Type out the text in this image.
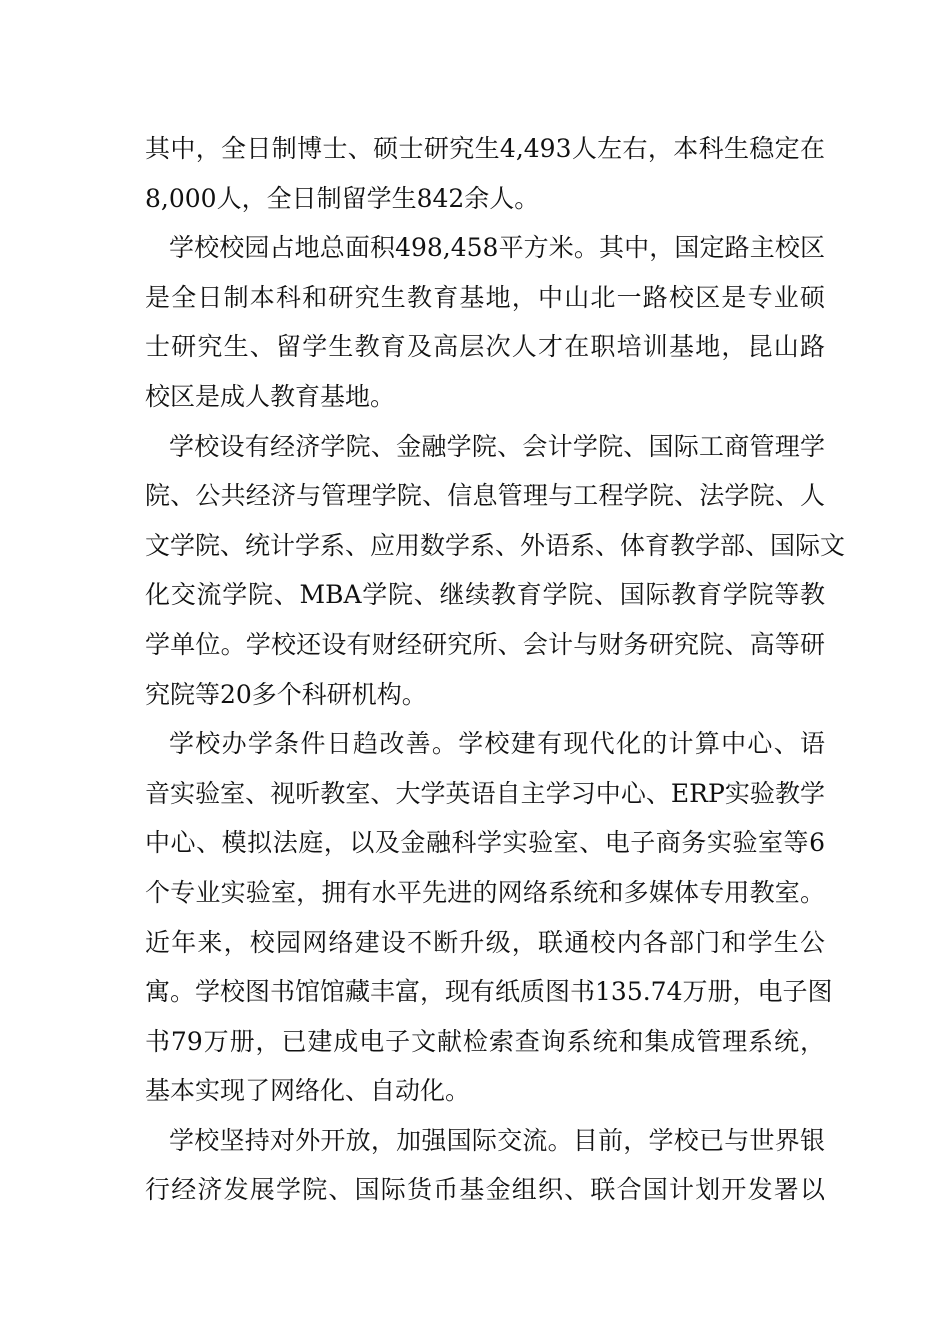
其中，全日制博士、硕士研究生4,493人左右，本科生稳定在
8,000人，全日制留学生842余人。
学校校园占地总面积498,458平方米。其中，国定路主校区
是全日制本科和研究生教育基地，中山北一路校区是专业硕
士研究生、留学生教育及高层次人才在职培训基地，昆山路
校区是成人教育基地。
学校设有经济学院、金融学院、会计学院、国际工商管理学
院、公共经济与管理学院、信息管理与工程学院、法学院、人
文学院、统计学系、应用数学系、外语系、体育教学部、国际文
化交流学院、MBA学院、继续教育学院、国际教育学院等教
学单位。学校还设有财经研究所、会计与财务研究院、高等研
究院等20多个科研机构。
学校办学条件日趋改善。学校建有现代化的计算中心、语
音实验室、视听教室、大学英语自主学习中心、ERP实验教学
中心、模拟法庭，以及金融科学实验室、电子商务实验室等6
个专业实验室，拥有水平先进的网络系统和多媒体专用教室。
近年来，校园网络建设不断升级，联通校内各部门和学生公
寓。学校图书馆馆藏丰富，现有纸质图书135.74万册，电子图
书79万册，已建成电子文献检索查询系统和集成管理系统，
基本实现了网络化、自动化。
学校坚持对外开放，加强国际交流。目前，学校已与世界银
行经济发展学院、国际货币基金组织、联合国计划开发署以
